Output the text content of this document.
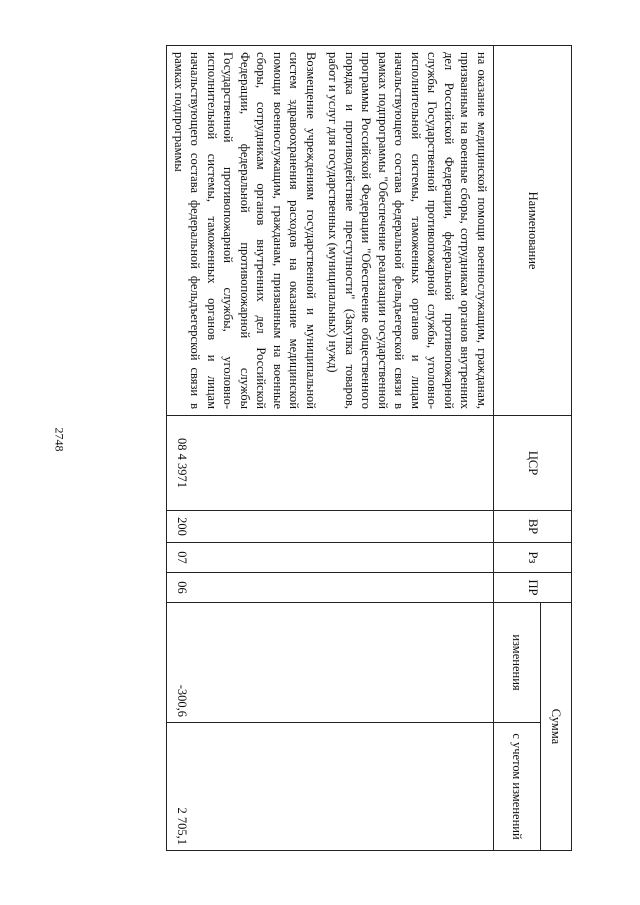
2748
Наименование	ЦСР	ВР	Рз	ПР	Сумма	
					изменения	с учетом изменений
на оказание медицинской помощи военнослужащим, гражданам, призванным на военные сборы, сотрудникам органов внутренних дел Российской Федерации, федеральной противопожарной службы Государственной противопожарной службы, уголовно-исполнительной системы, таможенных органов и лицам начальствующего состава федеральной фельдъегерской связи в рамках подпрограммы "Обеспечение реализации государственной программы Российской Федерации "Обеспечение общественного порядка и противодействие преступности" (Закупка товаров, работ и услуг для государственных (муниципальных) нужд)						
Возмещение учреждениям государственной и муниципальной систем здравоохранения расходов на оказание медицинской помощи военнослужащим, гражданам, призванным на военные сборы, сотрудникам органов внутренних дел Российской Федерации, федеральной противопожарной службы Государственной противопожарной службы, уголовно-исполнительной системы, таможенных органов и лицам начальствующего состава федеральной фельдъегерской связи в рамках подпрограммы	08 4 3971	200	07	06	-300,6	2 705,1
